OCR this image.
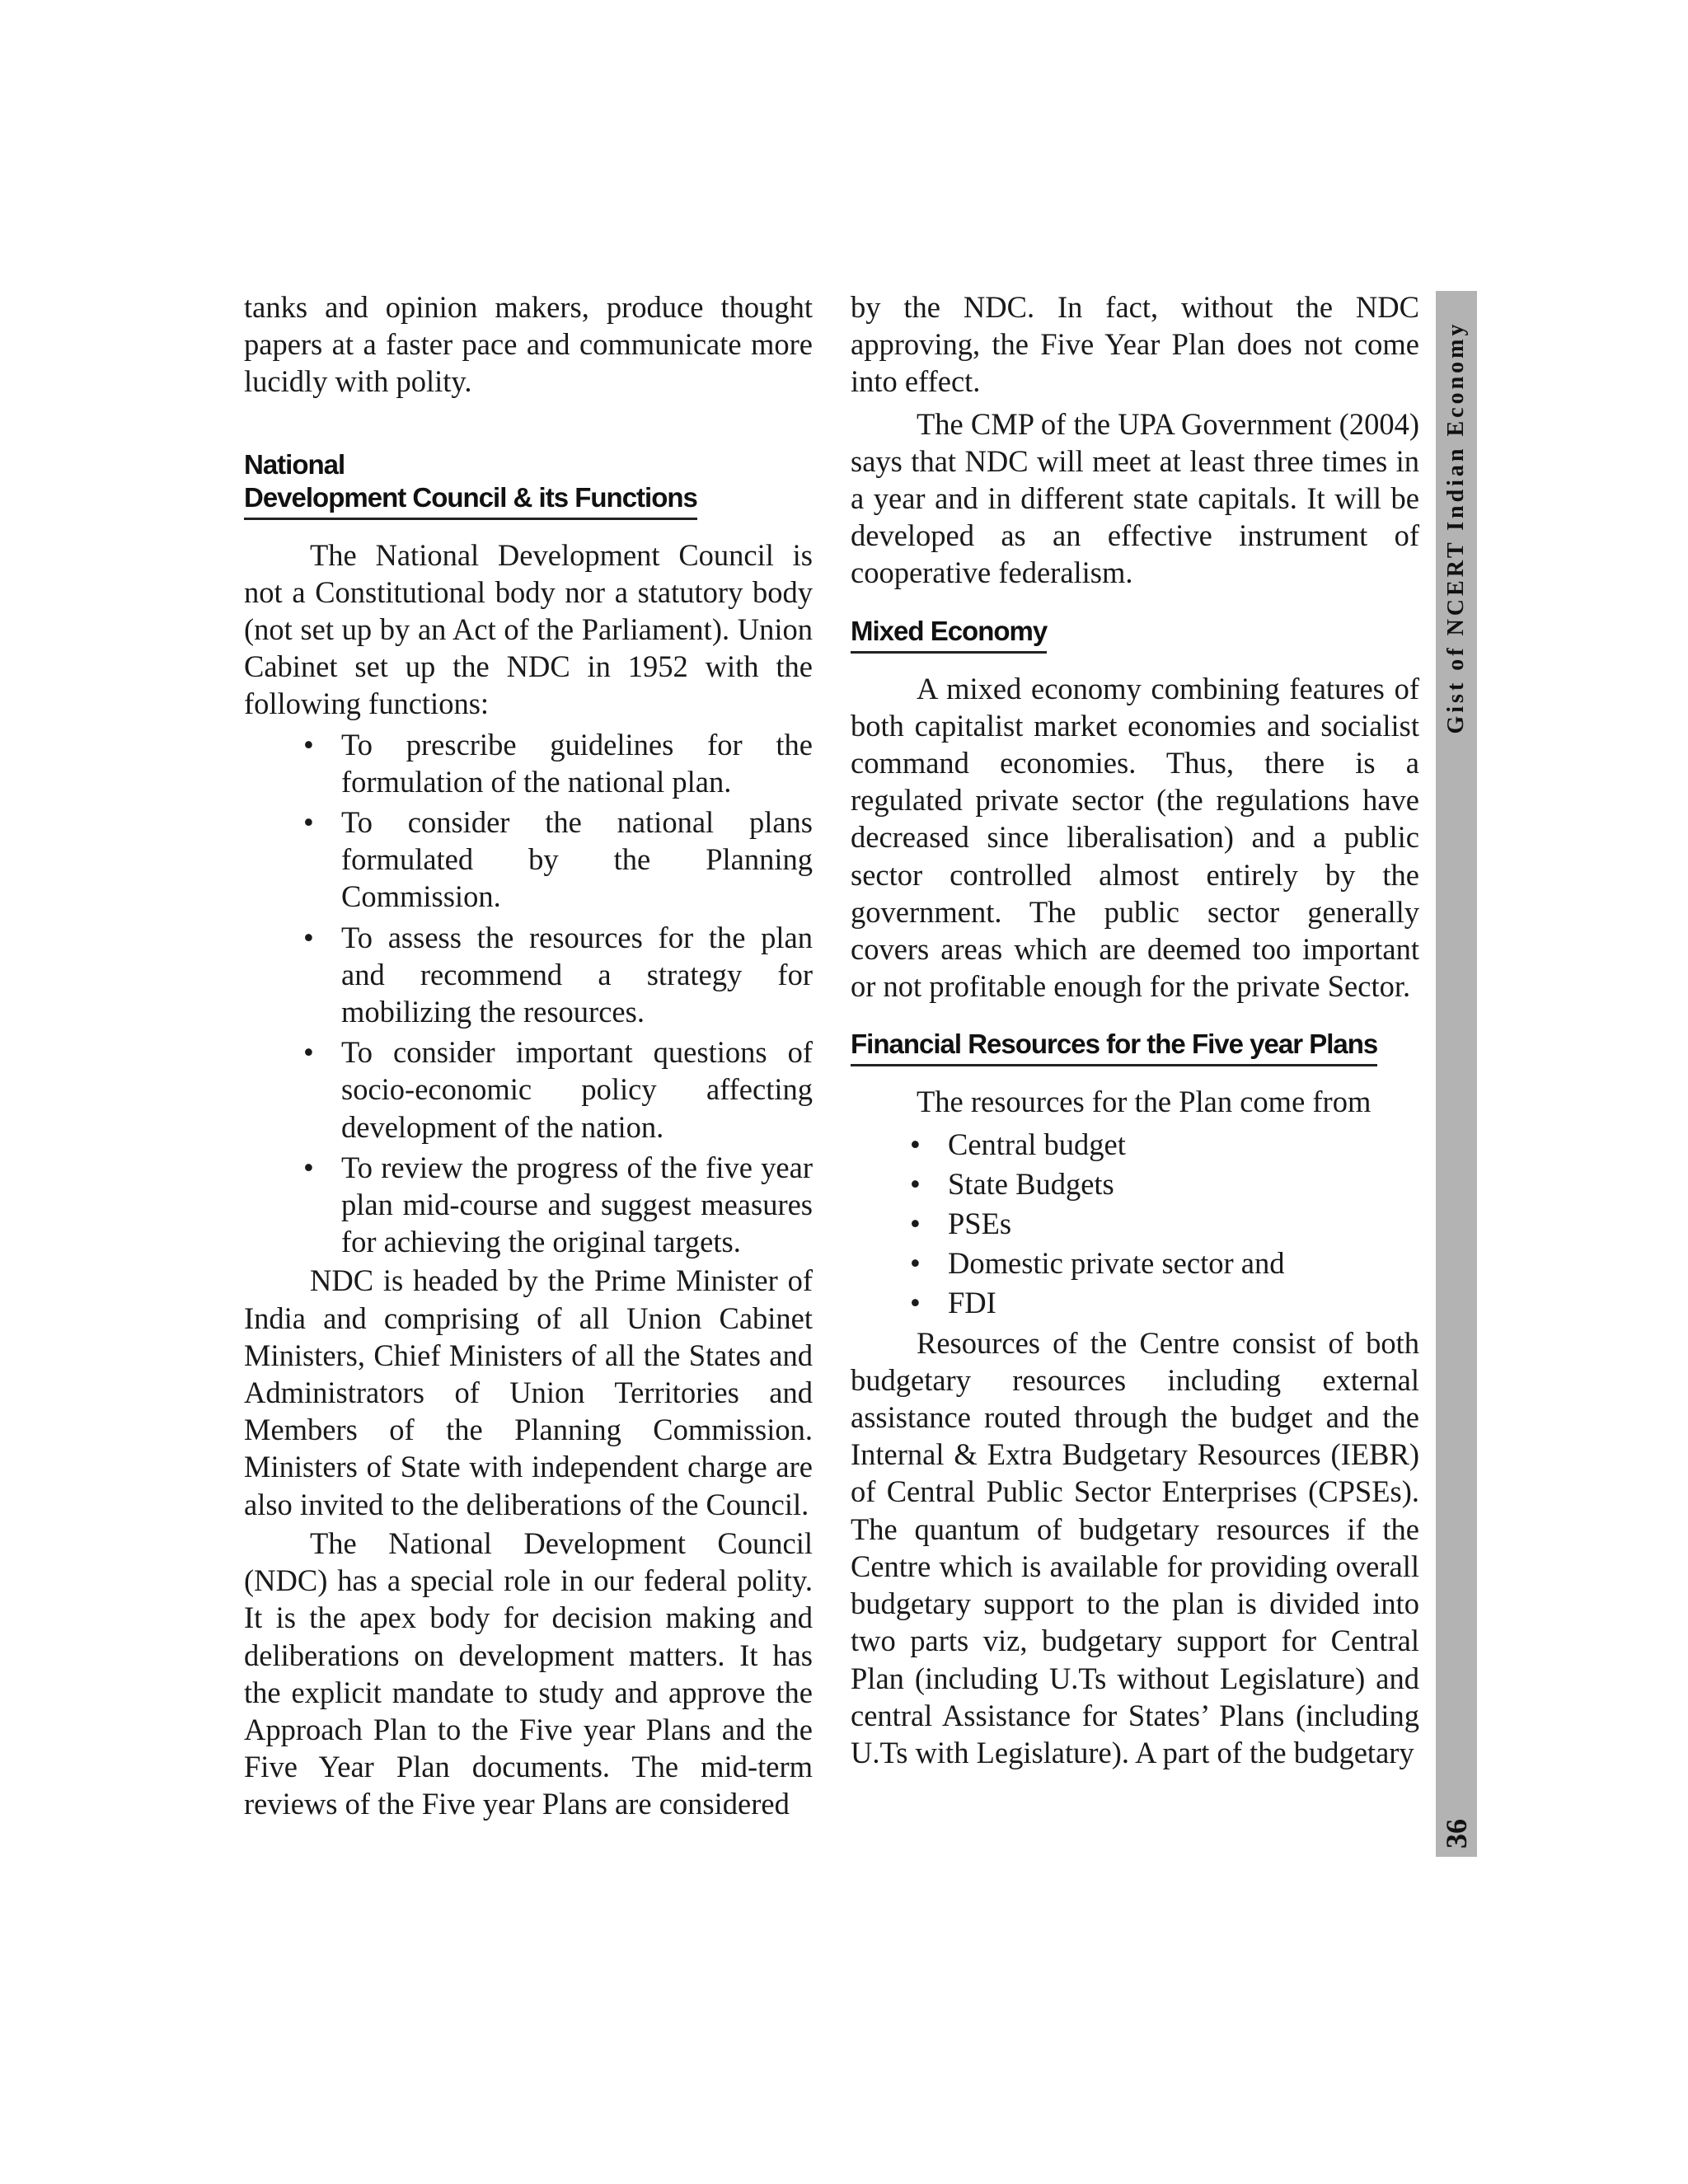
tanks and opinion makers, produce thought papers at a faster pace and communicate more lucidly with polity.

National
Development Council & its Functions

The National Development Council is not a Constitutional body nor a statutory body (not set up by an Act of the Parliament). Union Cabinet set up the NDC in 1952 with the following functions:

• To prescribe guidelines for the formulation of the national plan.
• To consider the national plans formulated by the Planning Commission.
• To assess the resources for the plan and recommend a strategy for mobilizing the resources.
• To consider important questions of socio-economic policy affecting development of the nation.
• To review the progress of the five year plan mid-course and suggest measures for achieving the original targets.

NDC is headed by the Prime Minister of India and comprising of all Union Cabinet Ministers, Chief Ministers of all the States and Administrators of Union Territories and Members of the Planning Commission. Ministers of State with independent charge are also invited to the deliberations of the Council.

The National Development Council (NDC) has a special role in our federal polity. It is the apex body for decision making and deliberations on development matters. It has the explicit mandate to study and approve the Approach Plan to the Five year Plans and the Five Year Plan documents. The mid-term reviews of the Five year Plans are considered

by the NDC. In fact, without the NDC approving, the Five Year Plan does not come into effect.

The CMP of the UPA Government (2004) says that NDC will meet at least three times in a year and in different state capitals. It will be developed as an effective instrument of cooperative federalism.

Mixed Economy

A mixed economy combining features of both capitalist market economies and socialist command economies. Thus, there is a regulated private sector (the regulations have decreased since liberalisation) and a public sector controlled almost entirely by the government. The public sector generally covers areas which are deemed too important or not profitable enough for the private Sector.

Financial Resources for the Five year Plans

The resources for the Plan come from

• Central budget
• State Budgets
• PSEs
• Domestic private sector and
• FDI

Resources of the Centre consist of both budgetary resources including external assistance routed through the budget and the Internal & Extra Budgetary Resources (IEBR) of Central Public Sector Enterprises (CPSEs). The quantum of budgetary resources if the Centre which is available for providing overall budgetary support to the plan is divided into two parts viz, budgetary support for Central Plan (including U.Ts without Legislature) and central Assistance for States’ Plans (including U.Ts with Legislature). A part of the budgetary

Gist of NCERT Indian Economy
36
